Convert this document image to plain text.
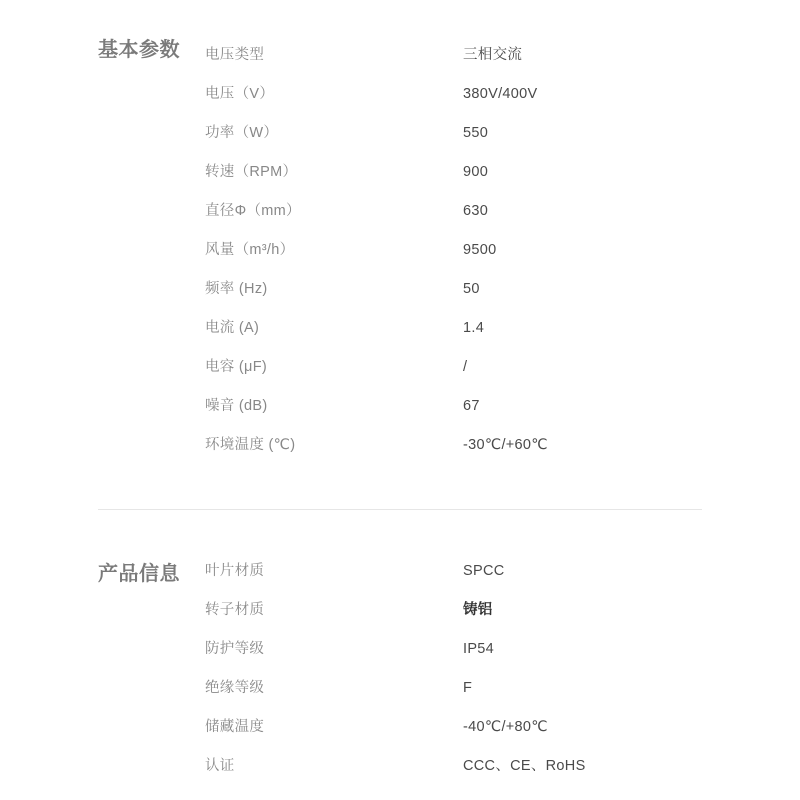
基本参数	电压类型	三相交流
电压（V）	380V/400V
功率（W）	550
转速（RPM）	900
直径Φ（mm）	630
风量（m³/h）	9500
频率 (Hz)	50
电流 (A)	1.4
电容 (μF)	/
噪音 (dB)	67
环境温度 (℃)	-30℃/+60℃
产品信息	叶片材质	SPCC
转子材质	铸铝
防护等级	IP54
绝缘等级	F
储藏温度	-40℃/+80℃
认证	CCC、CE、RoHS
